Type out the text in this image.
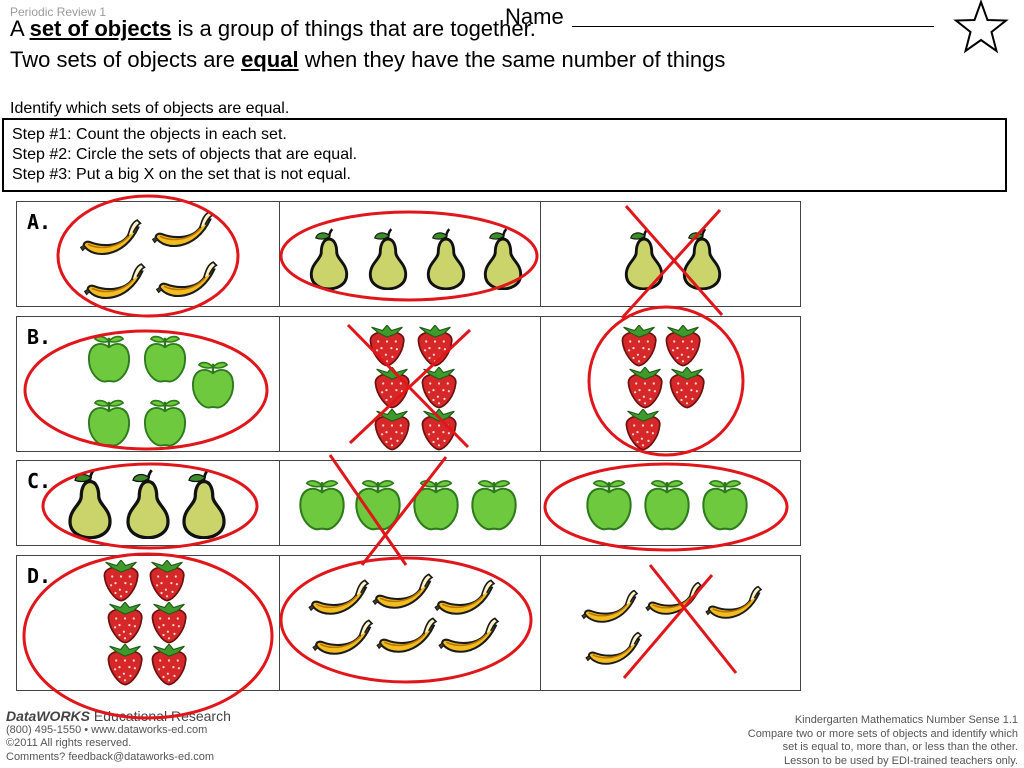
Periodic Review 1	Name
A set of objects is a group of things that are together.
Two sets of objects are equal when they have the same number of things
Identify which sets of objects are equal.
Step #1: Count the objects in each set.
Step #2: Circle the sets of objects that are equal.
Step #3: Put a big X on the set that is not equal.
A.
B.
C.
D.
DataWORKS Educational Research
(800) 495-1550 • www.dataworks-ed.com
©2011 All rights reserved.
Comments? feedback@dataworks-ed.com
Kindergarten Mathematics Number Sense 1.1
Compare two or more sets of objects and identify which
set is equal to, more than, or less than the other.
Lesson to be used by EDI-trained teachers only.
